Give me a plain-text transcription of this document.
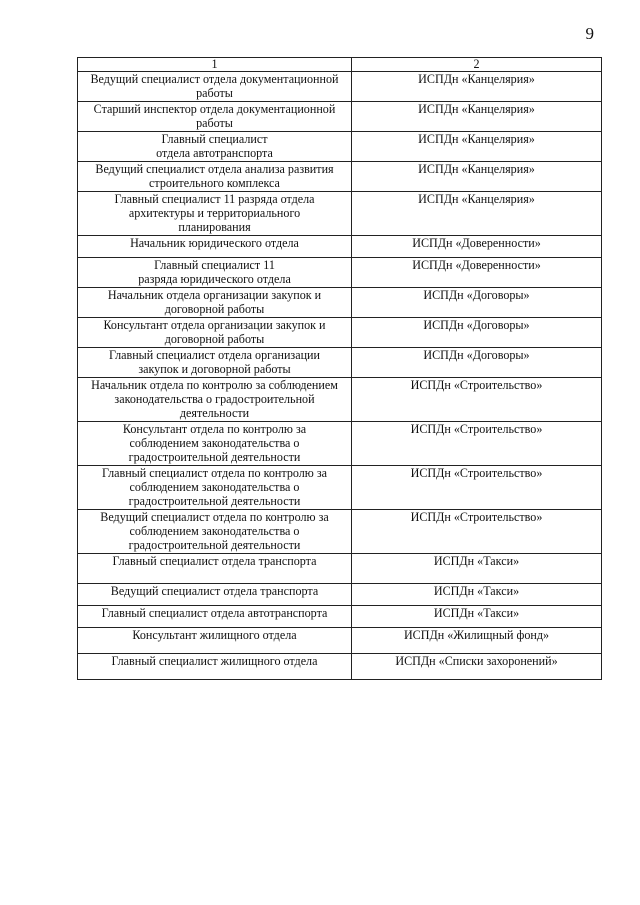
9
1	2
Ведущий специалист отдела документационной работы	ИСПДн «Канцелярия»
Старший инспектор отдела документационной работы	ИСПДн «Канцелярия»
Главный специалист отдела автотранспорта	ИСПДн «Канцелярия»
Ведущий специалист отдела анализа развития строительного комплекса	ИСПДн «Канцелярия»
Главный специалист 11 разряда отдела архитектуры и территориального планирования	ИСПДн «Канцелярия»
Начальник юридического отдела	ИСПДн «Доверенности»
Главный специалист 11 разряда юридического отдела	ИСПДн «Доверенности»
Начальник отдела организации закупок и договорной работы	ИСПДн «Договоры»
Консультант отдела организации закупок и договорной работы	ИСПДн «Договоры»
Главный специалист отдела организации закупок и договорной работы	ИСПДн «Договоры»
Начальник отдела по контролю за соблюдением законодательства о градостроительной деятельности	ИСПДн «Строительство»
Консультант отдела по контролю за соблюдением законодательства о градостроительной деятельности	ИСПДн «Строительство»
Главный специалист отдела по контролю за соблюдением законодательства о градостроительной деятельности	ИСПДн «Строительство»
Ведущий специалист отдела по контролю за соблюдением законодательства о градостроительной деятельности	ИСПДн «Строительство»
Главный специалист отдела транспорта	ИСПДн «Такси»
Ведущий специалист отдела транспорта	ИСПДн «Такси»
Главный специалист отдела автотранспорта	ИСПДн «Такси»
Консультант жилищного отдела	ИСПДн «Жилищный фонд»
Главный специалист жилищного отдела	ИСПДн «Списки захоронений»
